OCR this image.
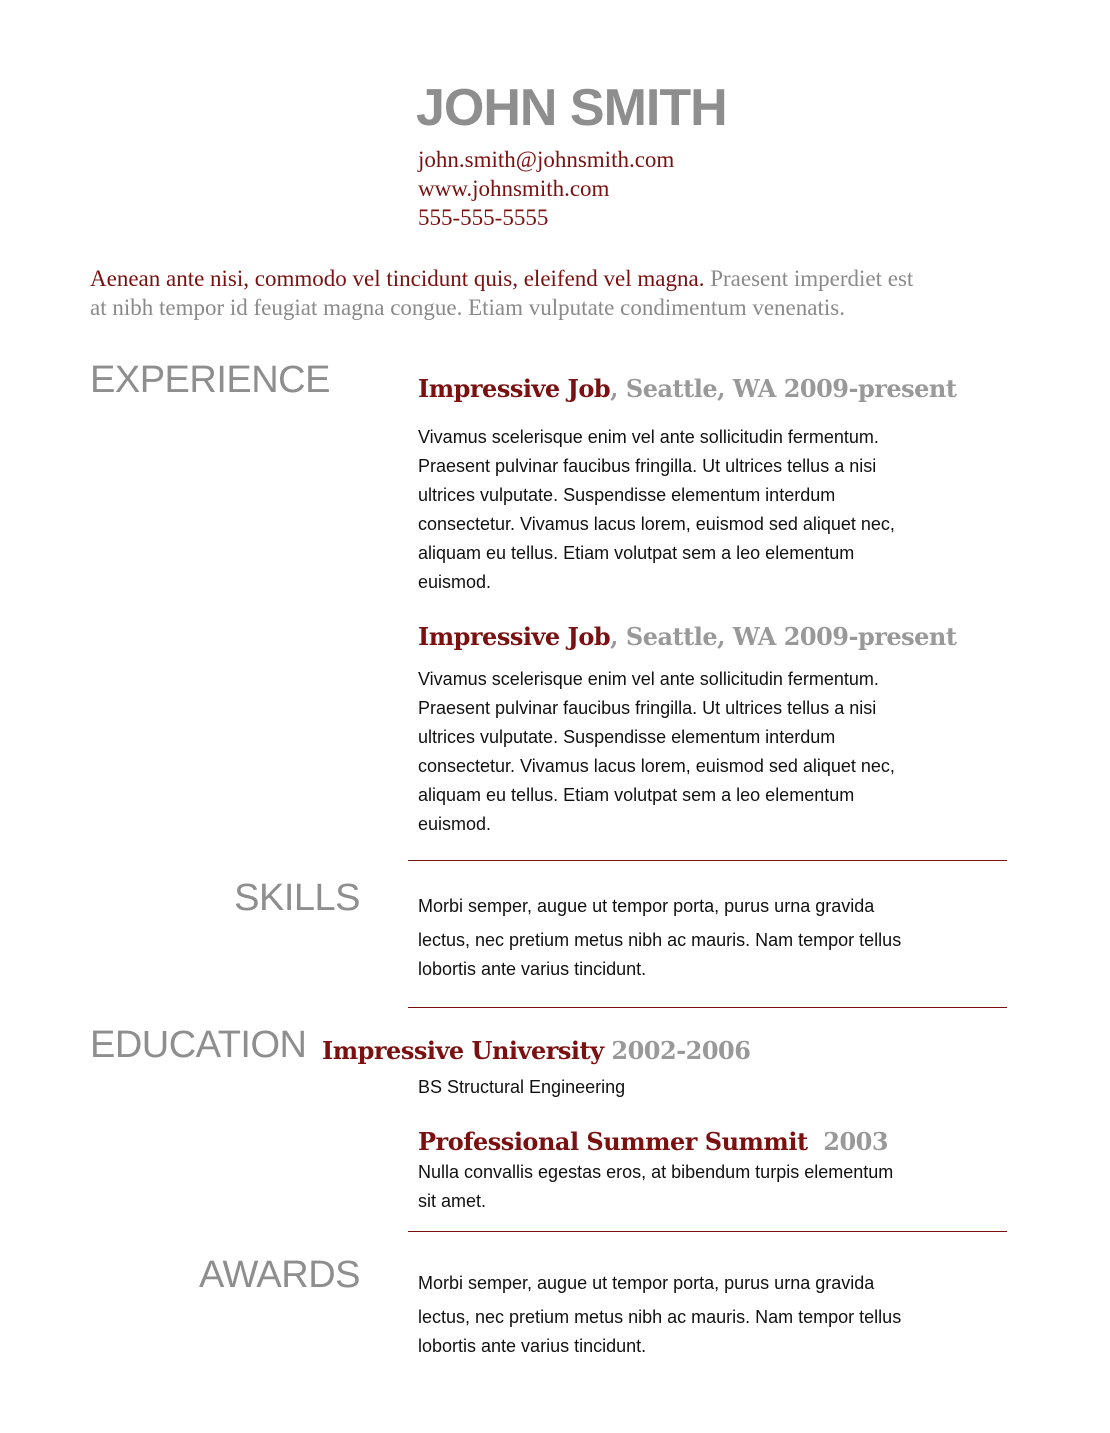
JOHN SMITH
john.smith@johnsmith.com
www.johnsmith.com
555-555-5555
Aenean ante nisi, commodo vel tincidunt quis, eleifend vel magna. Praesent imperdiet est
at nibh tempor id feugiat magna congue. Etiam vulputate condimentum venenatis.
EXPERIENCE	Impressive Job, Seattle, WA 2009-present
Vivamus scelerisque enim vel ante sollicitudin fermentum.
Praesent pulvinar faucibus fringilla. Ut ultrices tellus a nisi
ultrices vulputate. Suspendisse elementum interdum
consectetur. Vivamus lacus lorem, euismod sed aliquet nec,
aliquam eu tellus. Etiam volutpat sem a leo elementum
euismod.
Impressive Job, Seattle, WA 2009-present
Vivamus scelerisque enim vel ante sollicitudin fermentum.
Praesent pulvinar faucibus fringilla. Ut ultrices tellus a nisi
ultrices vulputate. Suspendisse elementum interdum
consectetur. Vivamus lacus lorem, euismod sed aliquet nec,
aliquam eu tellus. Etiam volutpat sem a leo elementum
euismod.
SKILLS	Morbi semper, augue ut tempor porta, purus urna gravida
lectus, nec pretium metus nibh ac mauris. Nam tempor tellus
lobortis ante varius tincidunt.
EDUCATION Impressive University 2002-2006
BS Structural Engineering
Professional Summer Summit  2003
Nulla convallis egestas eros, at bibendum turpis elementum
sit amet.
AWARDS	Morbi semper, augue ut tempor porta, purus urna gravida
lectus, nec pretium metus nibh ac mauris. Nam tempor tellus
lobortis ante varius tincidunt.
